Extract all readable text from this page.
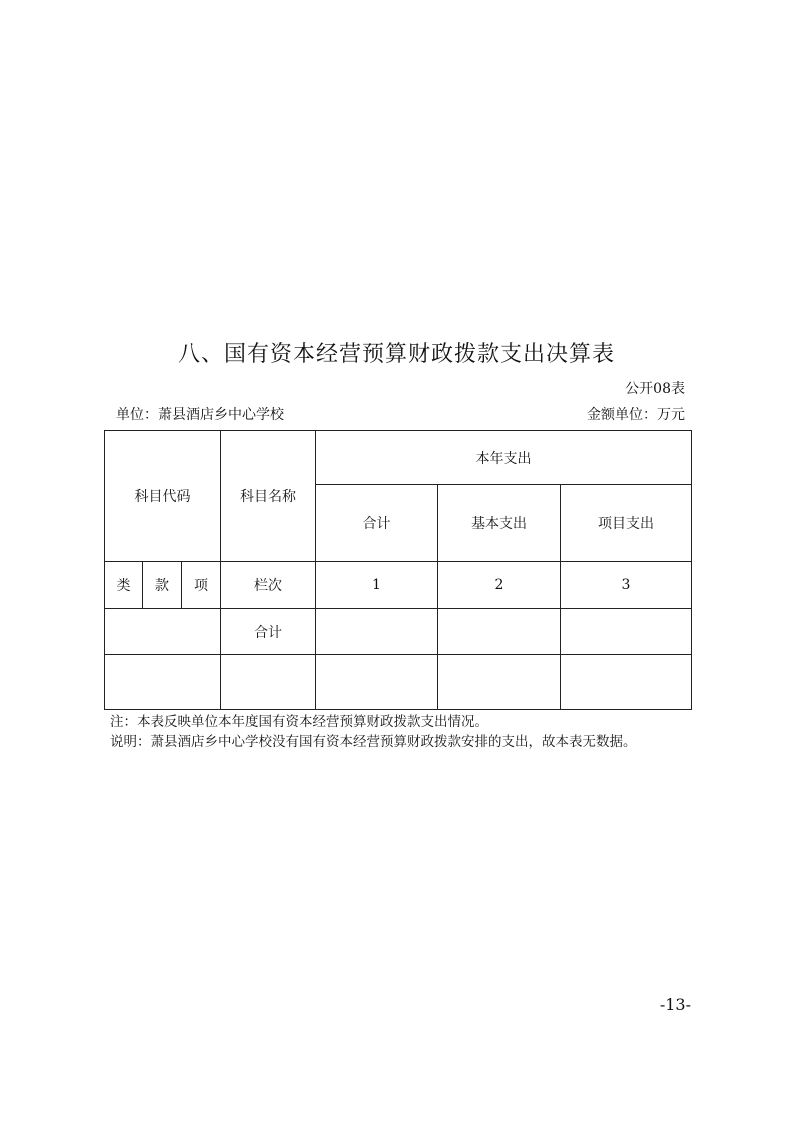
八、国有资本经营预算财政拨款支出决算表
公开08表
单位：萧县酒店乡中心学校	金额单位：万元
科目代码			科目名称	本年支出		
				合计	基本支出	项目支出
类	款	项	栏次	1	2	3
			合计			

注：本表反映单位本年度国有资本经营预算财政拨款支出情况。
说明：萧县酒店乡中心学校没有国有资本经营预算财政拨款安排的支出，故本表无数据。
-13-
